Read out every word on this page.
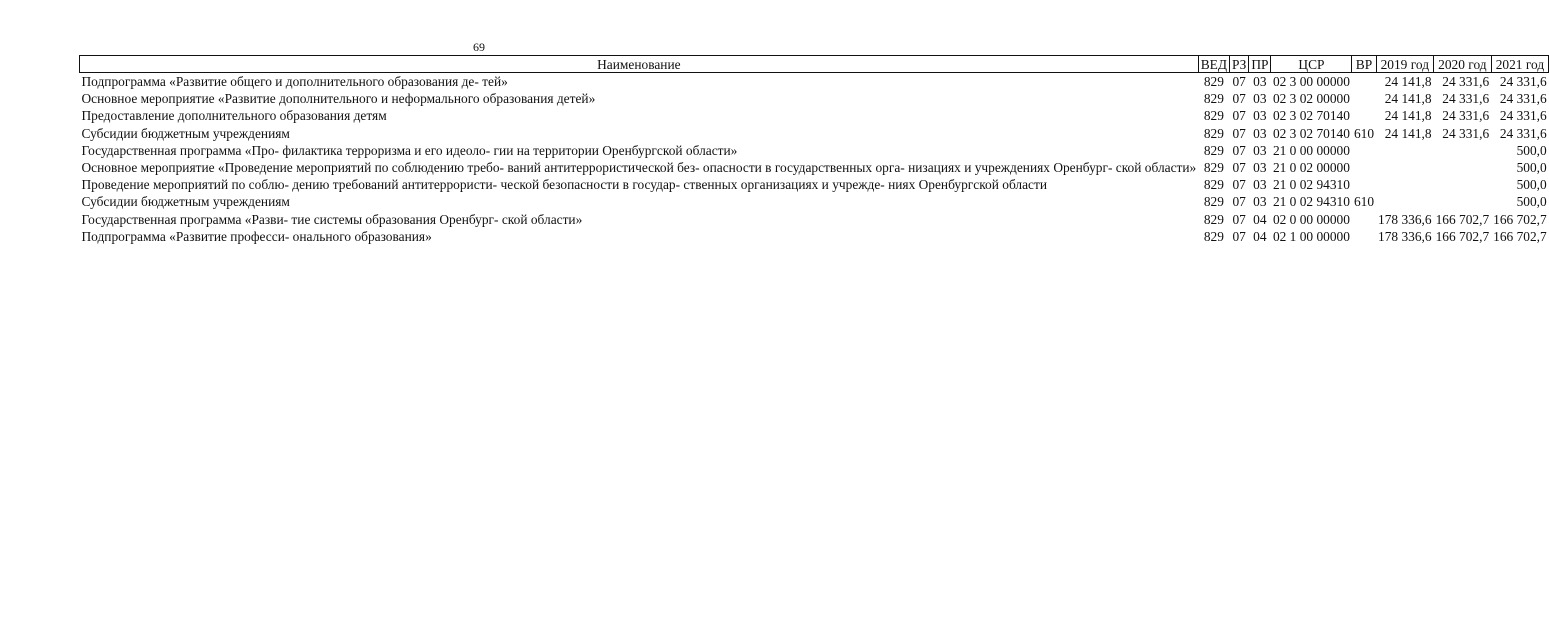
69
Наименование	ВЕД	РЗ	ПР	ЦСР	ВР	2019 год	2020 год	2021 год
Подпрограмма «Развитие общего и дополнительного образования де- тей»	829	07	03	02 3 00 00000		24 141,8	24 331,6	24 331,6
Основное мероприятие «Развитие дополнительного и неформального образования детей»	829	07	03	02 3 02 00000		24 141,8	24 331,6	24 331,6
Предоставление дополнительного образования детям	829	07	03	02 3 02 70140		24 141,8	24 331,6	24 331,6
Субсидии бюджетным учреждениям	829	07	03	02 3 02 70140	610	24 141,8	24 331,6	24 331,6
Государственная программа «Про- филактика терроризма и его идеоло- гии на территории Оренбургской области»	829	07	03	21 0 00 00000				500,0
Основное мероприятие «Проведение мероприятий по соблюдению требо- ваний антитеррористической без- опасности в государственных орга- низациях и учреждениях Оренбург- ской области»	829	07	03	21 0 02 00000				500,0
Проведение мероприятий по соблю- дению требований антитеррористи- ческой безопасности в государ- ственных организациях и учрежде- ниях Оренбургской области	829	07	03	21 0 02 94310				500,0
Субсидии бюджетным учреждениям	829	07	03	21 0 02 94310	610			500,0
Государственная программа «Разви- тие системы образования Оренбург- ской области»	829	07	04	02 0 00 00000		178 336,6	166 702,7	166 702,7
Подпрограмма «Развитие професси- онального образования»	829	07	04	02 1 00 00000		178 336,6	166 702,7	166 702,7
